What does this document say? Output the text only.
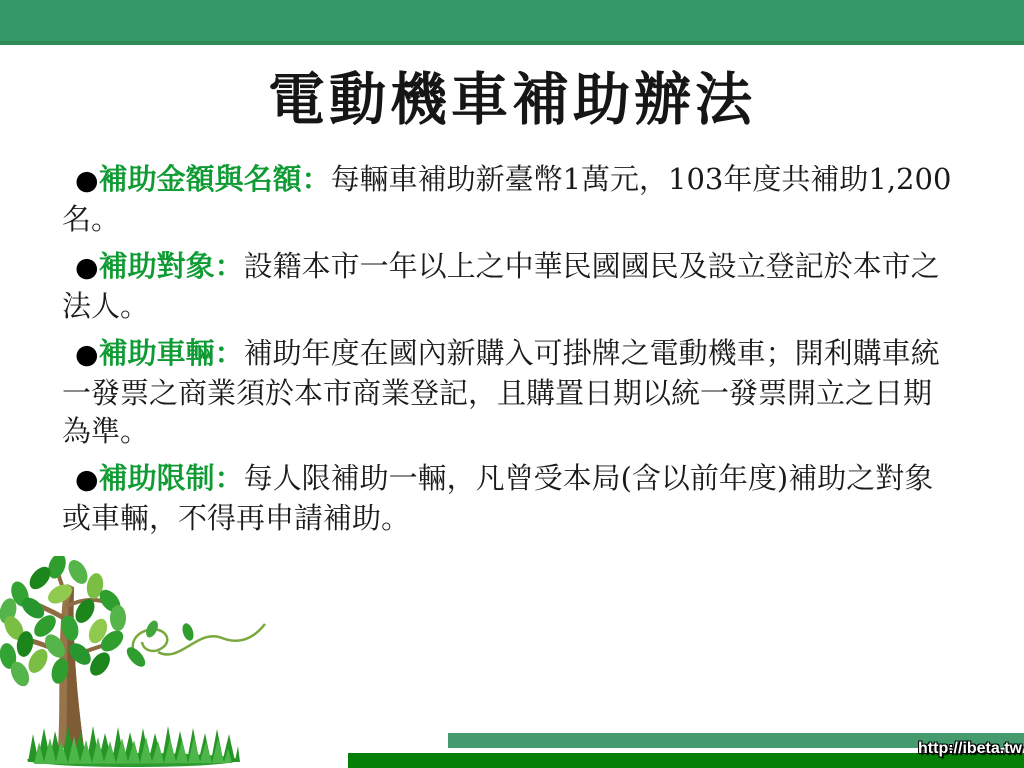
電動機車補助辦法

●補助金額與名額：每輛車補助新臺幣1萬元，103年度共補助1,200
名。

●補助對象：設籍本市一年以上之中華民國國民及設立登記於本市之
法人。

●補助車輛：補助年度在國內新購入可掛牌之電動機車；開利購車統
一發票之商業須於本市商業登記，且購置日期以統一發票開立之日期
為準。

●補助限制：每人限補助一輛，凡曾受本局(含以前年度)補助之對象
或車輛，不得再申請補助。

http://ibeta.tw
